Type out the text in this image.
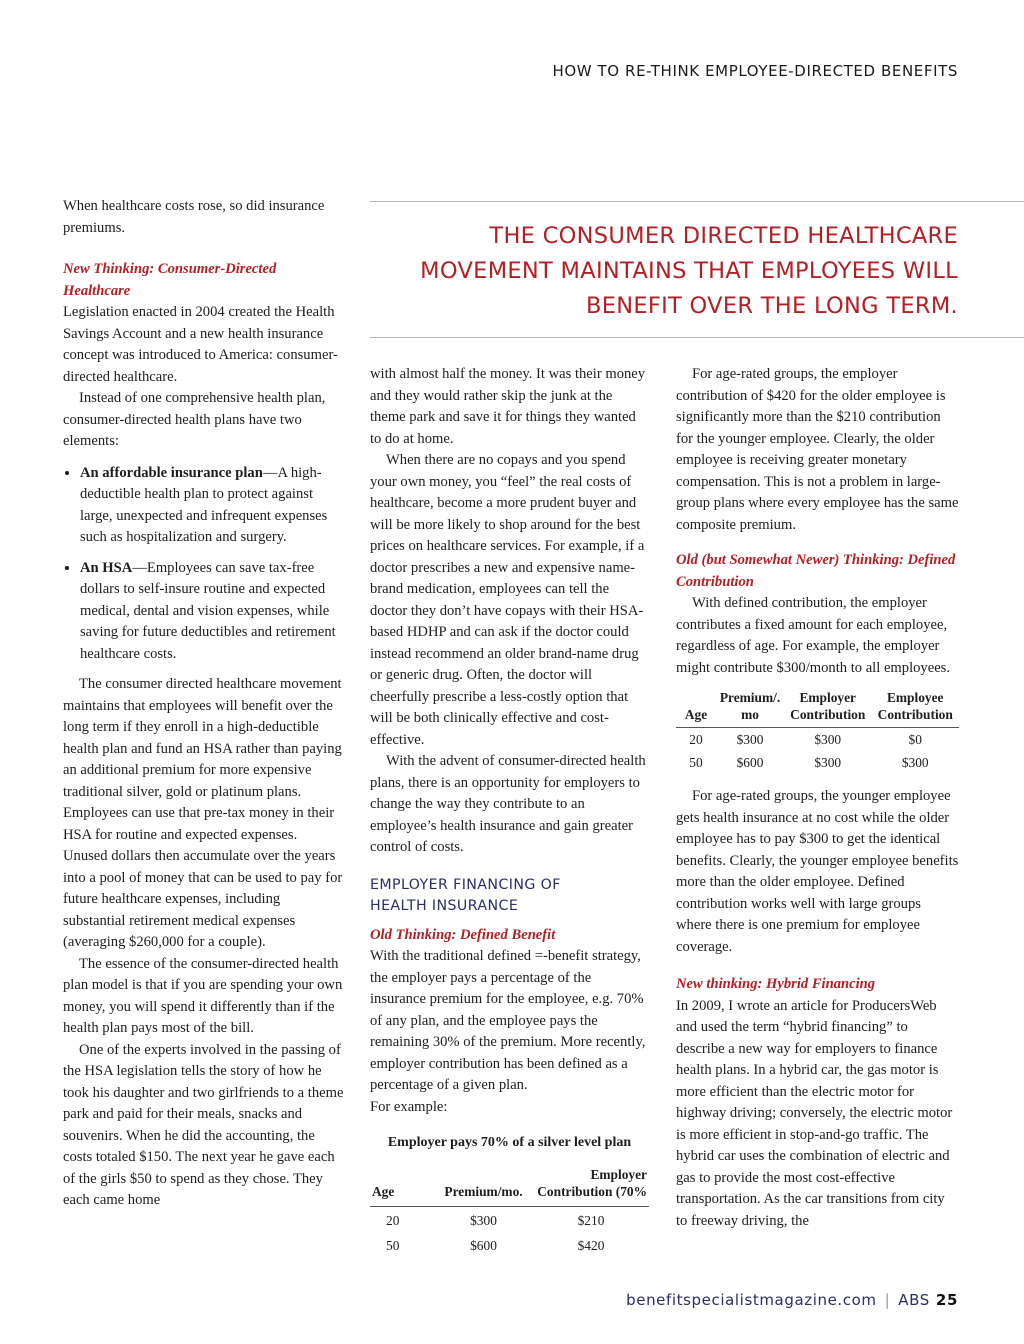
HOW TO RE-THINK EMPLOYEE-DIRECTED BENEFITS

When healthcare costs rose, so did insurance premiums.

New Thinking: Consumer-Directed Healthcare

Legislation enacted in 2004 created the Health Savings Account and a new health insurance concept was introduced to America: consumer-directed healthcare.

Instead of one comprehensive health plan, consumer-directed health plans have two elements:

• An affordable insurance plan—A high-deductible health plan to protect against large, unexpected and infrequent expenses such as hospitalization and surgery.
• An HSA—Employees can save tax-free dollars to self-insure routine and expected medical, dental and vision expenses, while saving for future deductibles and retirement healthcare costs.

The consumer directed healthcare movement maintains that employees will benefit over the long term if they enroll in a high-deductible health plan and fund an HSA rather than paying an additional premium for more expensive traditional silver, gold or platinum plans. Employees can use that pre-tax money in their HSA for routine and expected expenses. Unused dollars then accumulate over the years into a pool of money that can be used to pay for future healthcare expenses, including substantial retirement medical expenses (averaging $260,000 for a couple).

The essence of the consumer-directed health plan model is that if you are spending your own money, you will spend it differently than if the health plan pays most of the bill.

One of the experts involved in the passing of the HSA legislation tells the story of how he took his daughter and two girlfriends to a theme park and paid for their meals, snacks and souvenirs. When he did the accounting, the costs totaled $150. The next year he gave each of the girls $50 to spend as they chose. They each came home

THE CONSUMER DIRECTED HEALTHCARE
MOVEMENT MAINTAINS THAT EMPLOYEES WILL
BENEFIT OVER THE LONG TERM.

with almost half the money. It was their money and they would rather skip the junk at the theme park and save it for things they wanted to do at home.

When there are no copays and you spend your own money, you “feel” the real costs of healthcare, become a more prudent buyer and will be more likely to shop around for the best prices on healthcare services. For example, if a doctor prescribes a new and expensive name-brand medication, employees can tell the doctor they don’t have copays with their HSA-based HDHP and can ask if the doctor could instead recommend an older brand-name drug or generic drug. Often, the doctor will cheerfully prescribe a less-costly option that will be both clinically effective and cost-effective.

With the advent of consumer-directed health plans, there is an opportunity for employers to change the way they contribute to an employee’s health insurance and gain greater control of costs.

EMPLOYER FINANCING OF
HEALTH INSURANCE

Old Thinking: Defined Benefit

With the traditional defined =-benefit strategy, the employer pays a percentage of the insurance premium for the employee, e.g. 70% of any plan, and the employee pays the remaining 30% of the premium. More recently, employer contribution has been defined as a percentage of a given plan.

For example:

Employer pays 70% of a silver level plan

Age	Premium/mo.	Employer Contribution (70%
20	$300	$210
50	$600	$420

For age-rated groups, the employer contribution of $420 for the older employee is significantly more than the $210 contribution for the younger employee. Clearly, the older employee is receiving greater monetary compensation. This is not a problem in large-group plans where every employee has the same composite premium.

Old (but Somewhat Newer) Thinking: Defined Contribution

With defined contribution, the employer contributes a fixed amount for each employee, regardless of age. For example, the employer might contribute $300/month to all employees.

Age	Premium/. mo	Employer Contribution	Employee Contribution
20	$300	$300	$0
50	$600	$300	$300

For age-rated groups, the younger employee gets health insurance at no cost while the older employee has to pay $300 to get the identical benefits. Clearly, the younger employee benefits more than the older employee. Defined contribution works well with large groups where there is one premium for employee coverage.

New thinking: Hybrid Financing

In 2009, I wrote an article for ProducersWeb and used the term “hybrid financing” to describe a new way for employers to finance health plans. In a hybrid car, the gas motor is more efficient than the electric motor for highway driving; conversely, the electric motor is more efficient in stop-and-go traffic. The hybrid car uses the combination of electric and gas to provide the most cost-effective transportation. As the car transitions from city to freeway driving, the

benefitspecialistmagazine.com | ABS 25
